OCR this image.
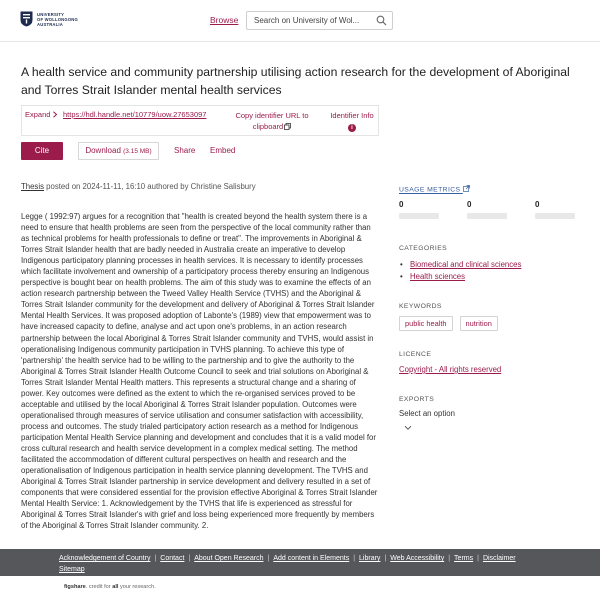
UNIVERSITY
OF WOLLONGONG
AUSTRALIA	Browse Search on University of Wol...
A health service and community partnership utilising action research for the development of Aboriginal and Torres Strait Islander mental health services
Expand	https://hdl.handle.net/10779/uow.27653097	Copy identifier URL to clipboard
Identifier Info
i
Cite	Download (3.15 MB)	Share Embed
Thesis posted on 2024-11-11, 16:10 authored by Christine Salisbury

Legge ( 1992:97) argues for a recognition that "health is created beyond the health system there is a need to ensure that health problems are seen from the perspective of the local community rather than as technical problems for health professionals to define or treat". The improvements in Aboriginal & Torres Strait Islander health that are badly needed in Australia create an imperative to develop Indigenous participatory planning processes in health services. It is necessary to identify processes which facilitate involvement and ownership of a participatory process thereby ensuring an Indigenous perspective is bought bear on health problems. The aim of this study was to examine the effects of an action research partnership between the Tweed Valley Health Service (TVHS) and the Aboriginal & Torres Strait Islander community for the development and delivery of Aboriginal & Torres Strait Islander Mental Health Services. It was proposed adoption of Labonte's (1989) view that empowerment was to have increased capacity to define, analyse and act upon one's problems, in an action research partnership between the local Aboriginal & Torres Strait Islander community and TVHS, would assist in operationalising Indigenous community participation in TVHS planning. To achieve this type of 'partnership' the health service had to be willing to the partnership and to give the authority to the Aboriginal & Torres Strait Islander Health Outcome Council to seek and trial solutions on Aboriginal & Torres Strait Islander Mental Health matters. This represents a structural change and a sharing of power. Key outcomes were defined as the extent to which the re-organised services proved to be acceptable and utilised by the local Aboriginal & Torres Strait Islander population. Outcomes were operationalised through measures of service utilisation and consumer satisfaction with accessibility, process and outcomes. The study trialed participatory action research as a method for Indigenous participation Mental Health Service planning and development and concludes that it is a valid model for cross cultural research and health service development in a complex medical setting. The method facilitated the accommodation of different cultural perspectives on health and research and the operationalisation of Indigenous participation in health service planning development. The TVHS and Aboriginal & Torres Strait Islander partnership in service development and delivery resulted in a set of components that were considered essential for the provision effective Aboriginal & Torres Strait Islander Mental Health Service: 1. Acknowledgement by the TVHS that life is experienced as stressful for Aboriginal & Torres Strait Islander's with grief and loss being experienced more frequently by members of the Aboriginal & Torres Strait Islander community. 2.

USAGE METRICS
0	0	0
CATEGORIES
• Biomedical and clinical sciences
• Health sciences
KEYWORDS
public health	nutrition
LICENCE
Copyright - All rights reserved
EXPORTS
Select an option
Acknowledgement of Country | Contact | About Open Research | Add content in Elements | Library | Web Accessibility | Terms | Disclaimer
Sitemap
figshare. credit for all your research.
